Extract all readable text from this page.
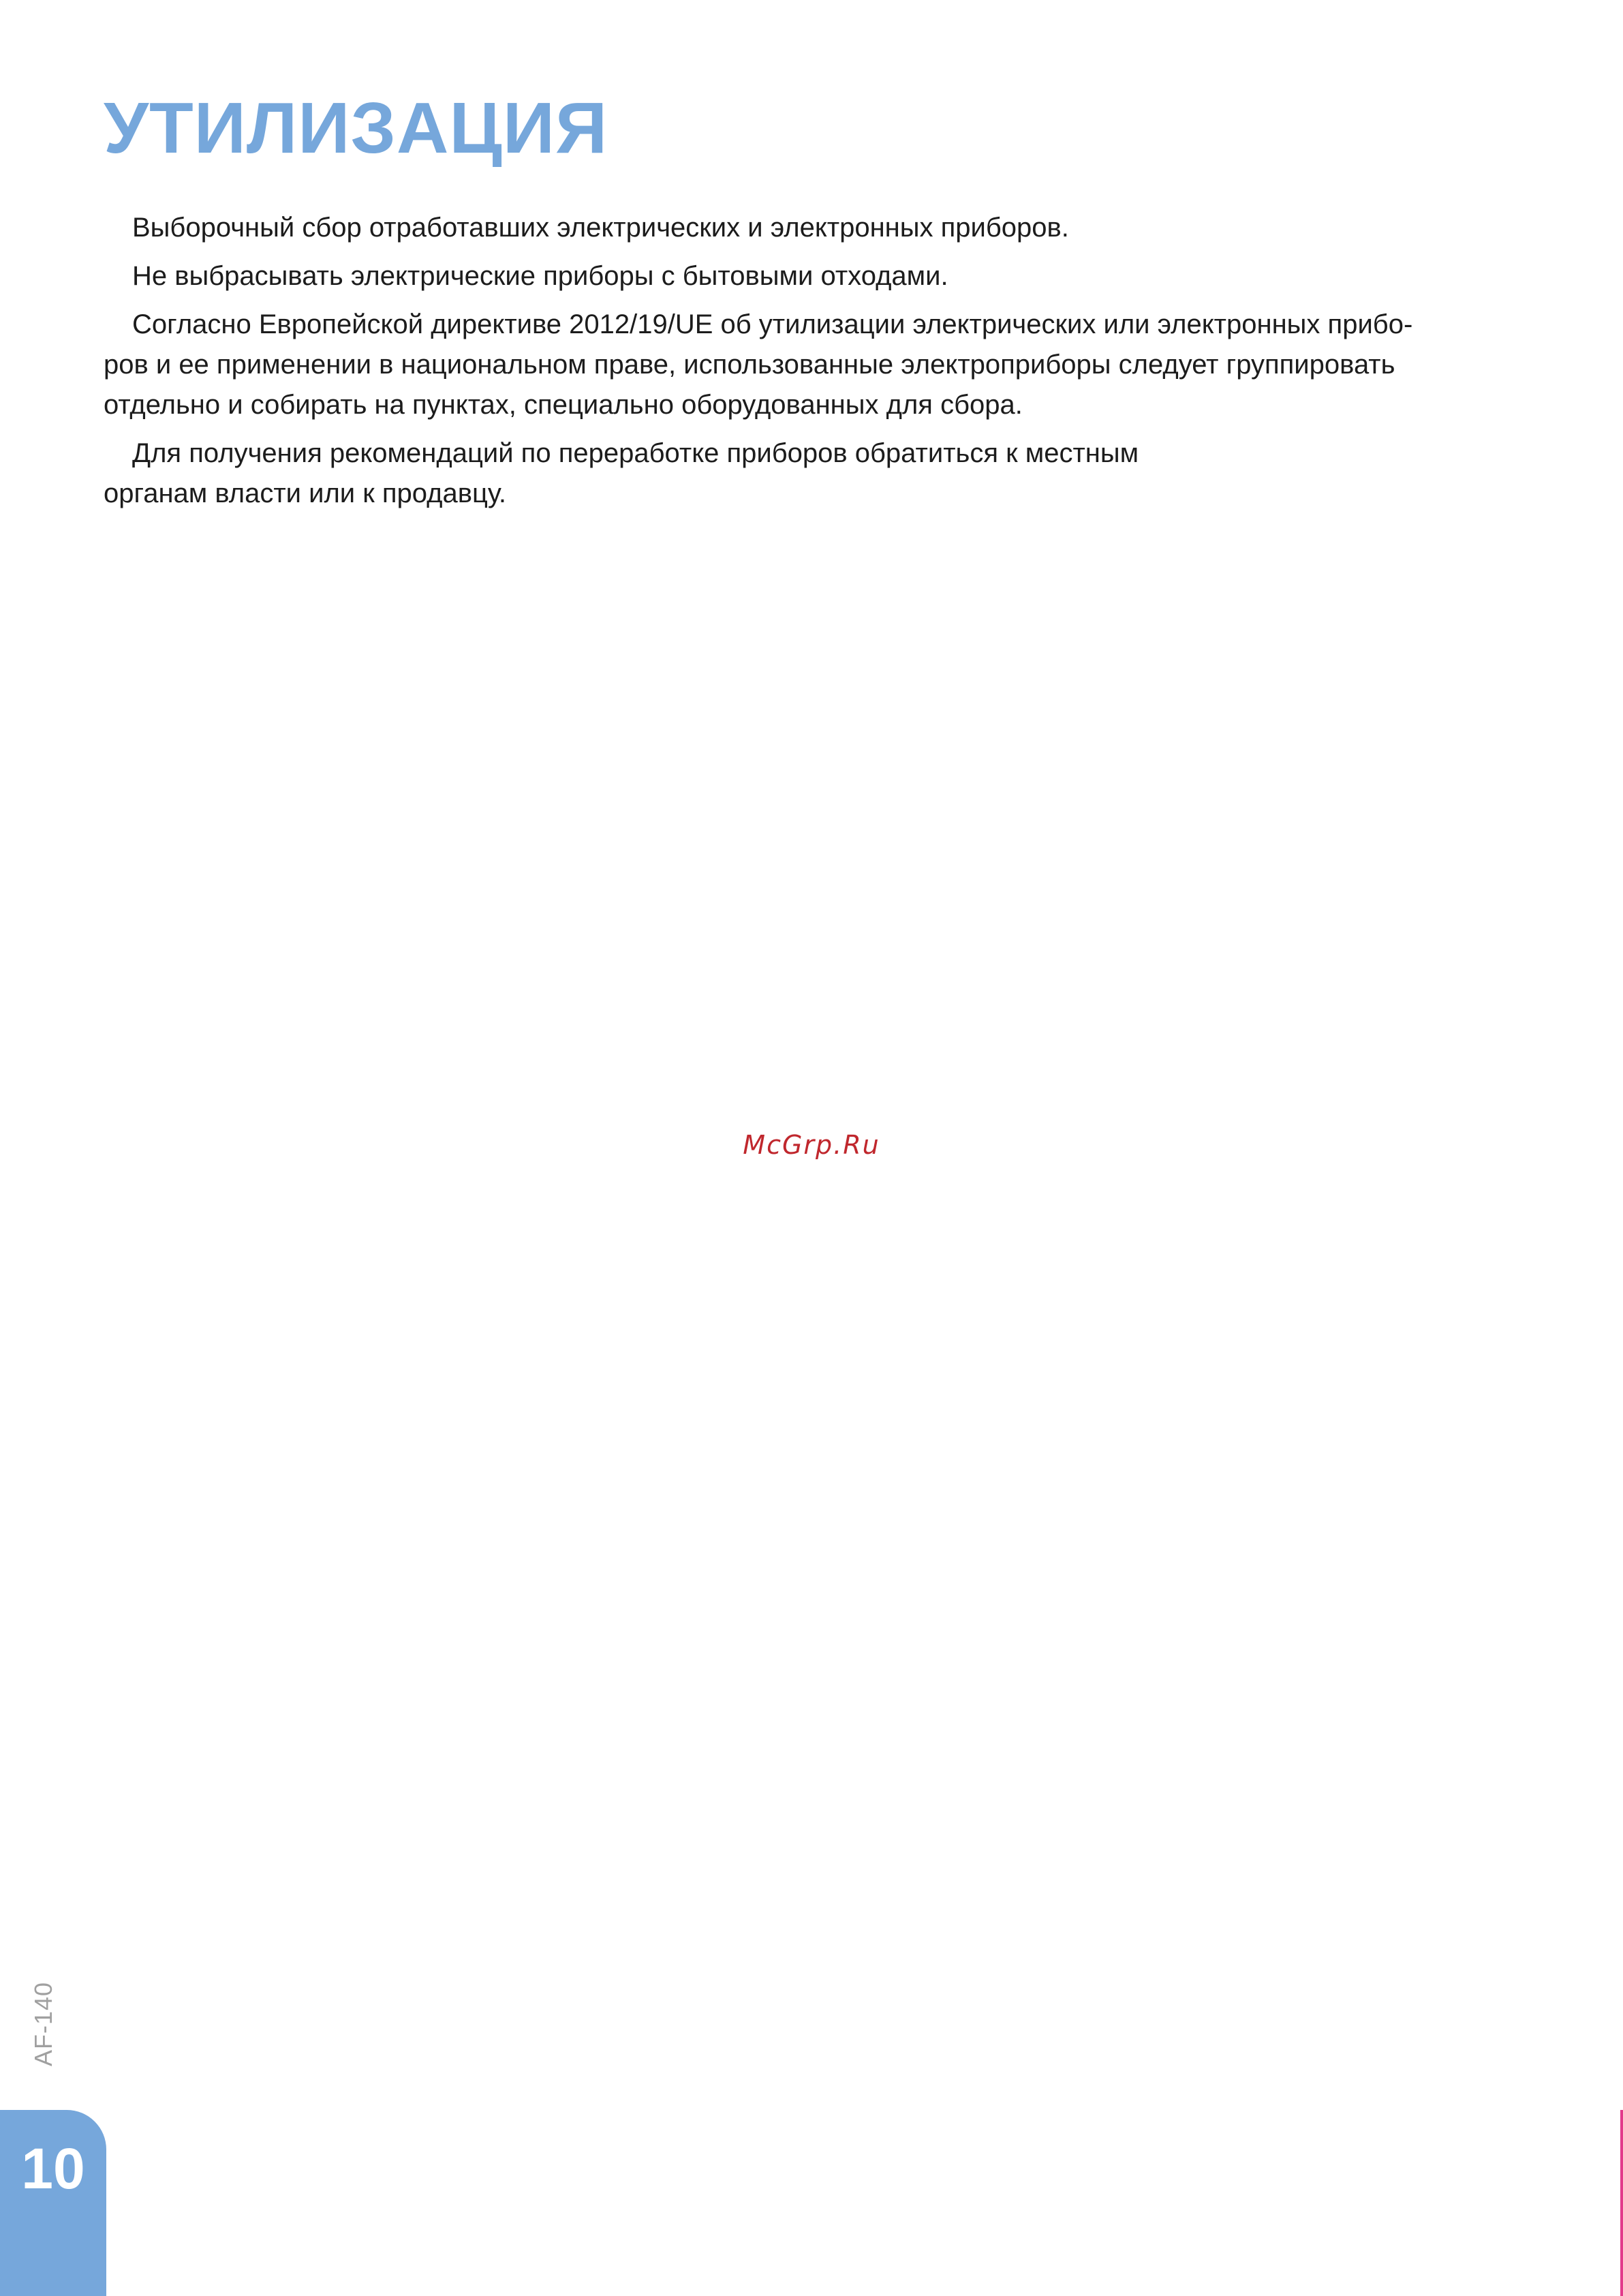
УТИЛИЗАЦИЯ

Выборочный сбор отработавших электрических и электронных приборов.

Не выбрасывать электрические приборы с бытовыми отходами.

Согласно Европейской директиве 2012/19/UE об утилизации электрических или электронных прибо-
ров и ее применении в национальном праве, использованные электроприборы следует группировать
отдельно и собирать на пунктах, специально оборудованных для сбора.

Для получения рекомендаций по переработке приборов обратиться к местным
органам власти или к продавцу.

McGrp.Ru
AF-140
10
